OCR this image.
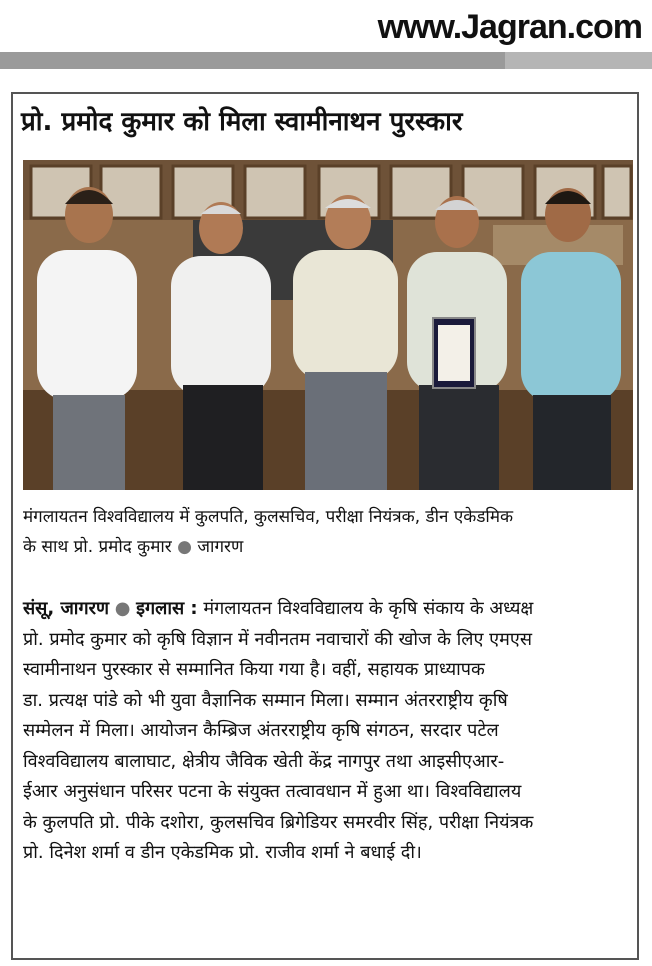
www.Jagran.com
प्रो. प्रमोद कुमार को मिला स्वामीनाथन पुरस्कार
मंगलायतन विश्वविद्यालय में कुलपति, कुलसचिव, परीक्षा नियंत्रक, डीन एकेडमिक
के साथ प्रो. प्रमोद कुमार ● जागरण
संसू, जागरण ● इगलास : मंगलायतन विश्वविद्यालय के कृषि संकाय के अध्यक्ष
प्रो. प्रमोद कुमार को कृषि विज्ञान में नवीनतम नवाचारों की खोज के लिए एमएस
स्वामीनाथन पुरस्कार से सम्मानित किया गया है। वहीं, सहायक प्राध्यापक
डा. प्रत्यक्ष पांडे को भी युवा वैज्ञानिक सम्मान मिला। सम्मान अंतरराष्ट्रीय कृषि
सम्मेलन में मिला। आयोजन कैम्ब्रिज अंतरराष्ट्रीय कृषि संगठन, सरदार पटेल
विश्वविद्यालय बालाघाट, क्षेत्रीय जैविक खेती केंद्र नागपुर तथा आइसीएआर-
ईआर अनुसंधान परिसर पटना के संयुक्त तत्वावधान में हुआ था। विश्वविद्यालय
के कुलपति प्रो. पीके दशोरा, कुलसचिव ब्रिगेडियर समरवीर सिंह, परीक्षा नियंत्रक
प्रो. दिनेश शर्मा व डीन एकेडमिक प्रो. राजीव शर्मा ने बधाई दी।
